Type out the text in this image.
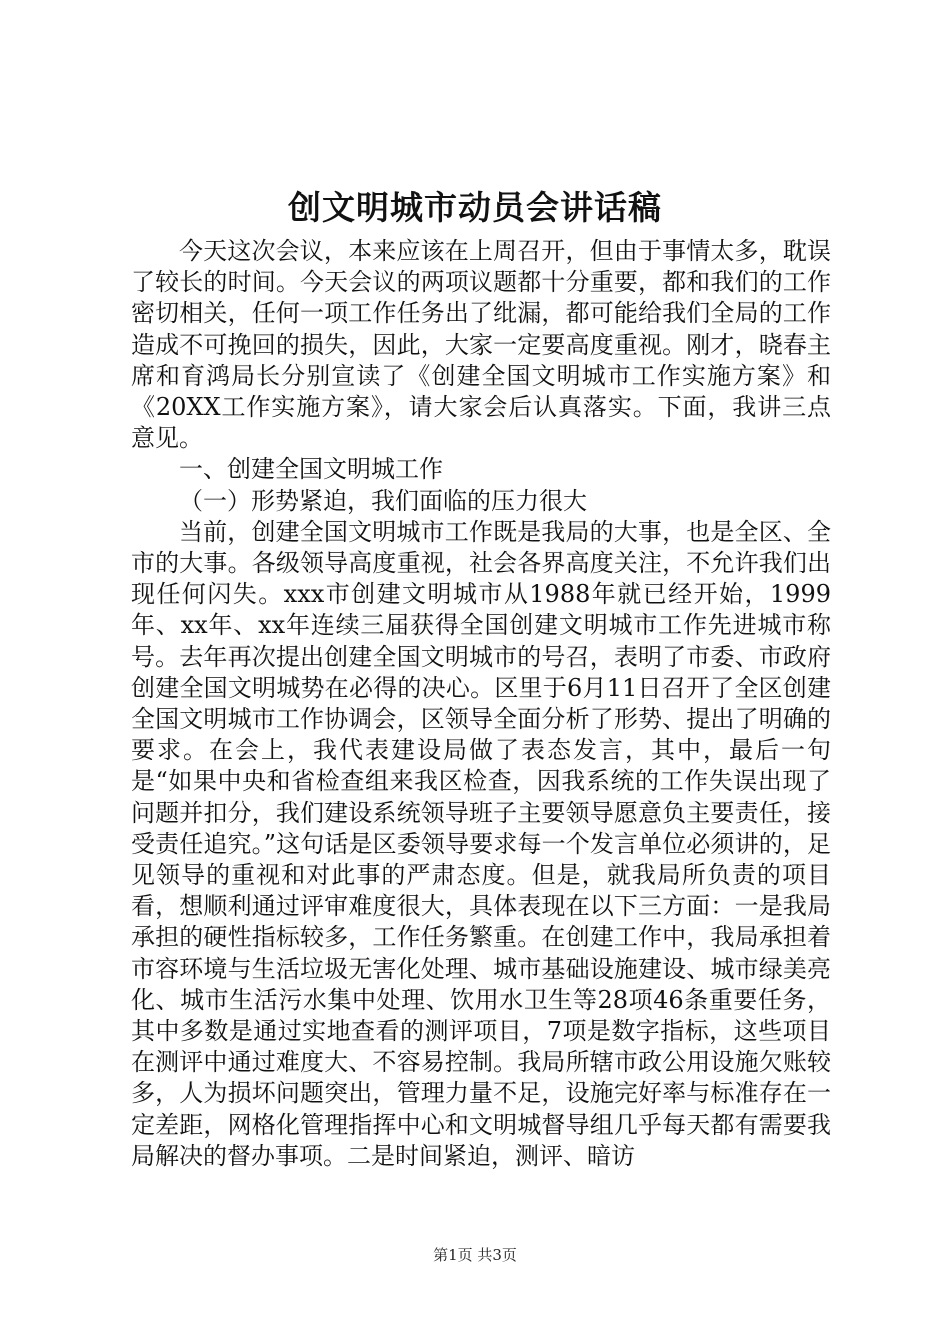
创文明城市动员会讲话稿

今天这次会议，本来应该在上周召开，但由于事情太多，耽误了较长的时间。今天会议的两项议题都十分重要，都和我们的工作密切相关，任何一项工作任务出了纰漏，都可能给我们全局的工作造成不可挽回的损失，因此，大家一定要高度重视。刚才，晓春主席和育鸿局长分别宣读了《创建全国文明城市工作实施方案》和《20XX工作实施方案》，请大家会后认真落实。下面，我讲三点意见。

一、创建全国文明城工作

（一）形势紧迫，我们面临的压力很大

当前，创建全国文明城市工作既是我局的大事，也是全区、全市的大事。各级领导高度重视，社会各界高度关注，不允许我们出现任何闪失。xxx市创建文明城市从1988年就已经开始，1999年、xx年、xx年连续三届获得全国创建文明城市工作先进城市称号。去年再次提出创建全国文明城市的号召，表明了市委、市政府创建全国文明城势在必得的决心。区里于6月11日召开了全区创建全国文明城市工作协调会，区领导全面分析了形势、提出了明确的要求。在会上，我代表建设局做了表态发言，其中，最后一句是“如果中央和省检查组来我区检查，因我系统的工作失误出现了问题并扣分，我们建设系统领导班子主要领导愿意负主要责任，接受责任追究。”这句话是区委领导要求每一个发言单位必须讲的，足见领导的重视和对此事的严肃态度。但是，就我局所负责的项目看，想顺利通过评审难度很大，具体表现在以下三方面：一是我局承担的硬性指标较多，工作任务繁重。在创建工作中，我局承担着市容环境与生活垃圾无害化处理、城市基础设施建设、城市绿美亮化、城市生活污水集中处理、饮用水卫生等28项46条重要任务，其中多数是通过实地查看的测评项目，7项是数字指标，这些项目在测评中通过难度大、不容易控制。我局所辖市政公用设施欠账较多，人为损坏问题突出，管理力量不足，设施完好率与标准存在一定差距，网格化管理指挥中心和文明城督导组几乎每天都有需要我局解决的督办事项。二是时间紧迫，测评、暗访

第1页 共3页
